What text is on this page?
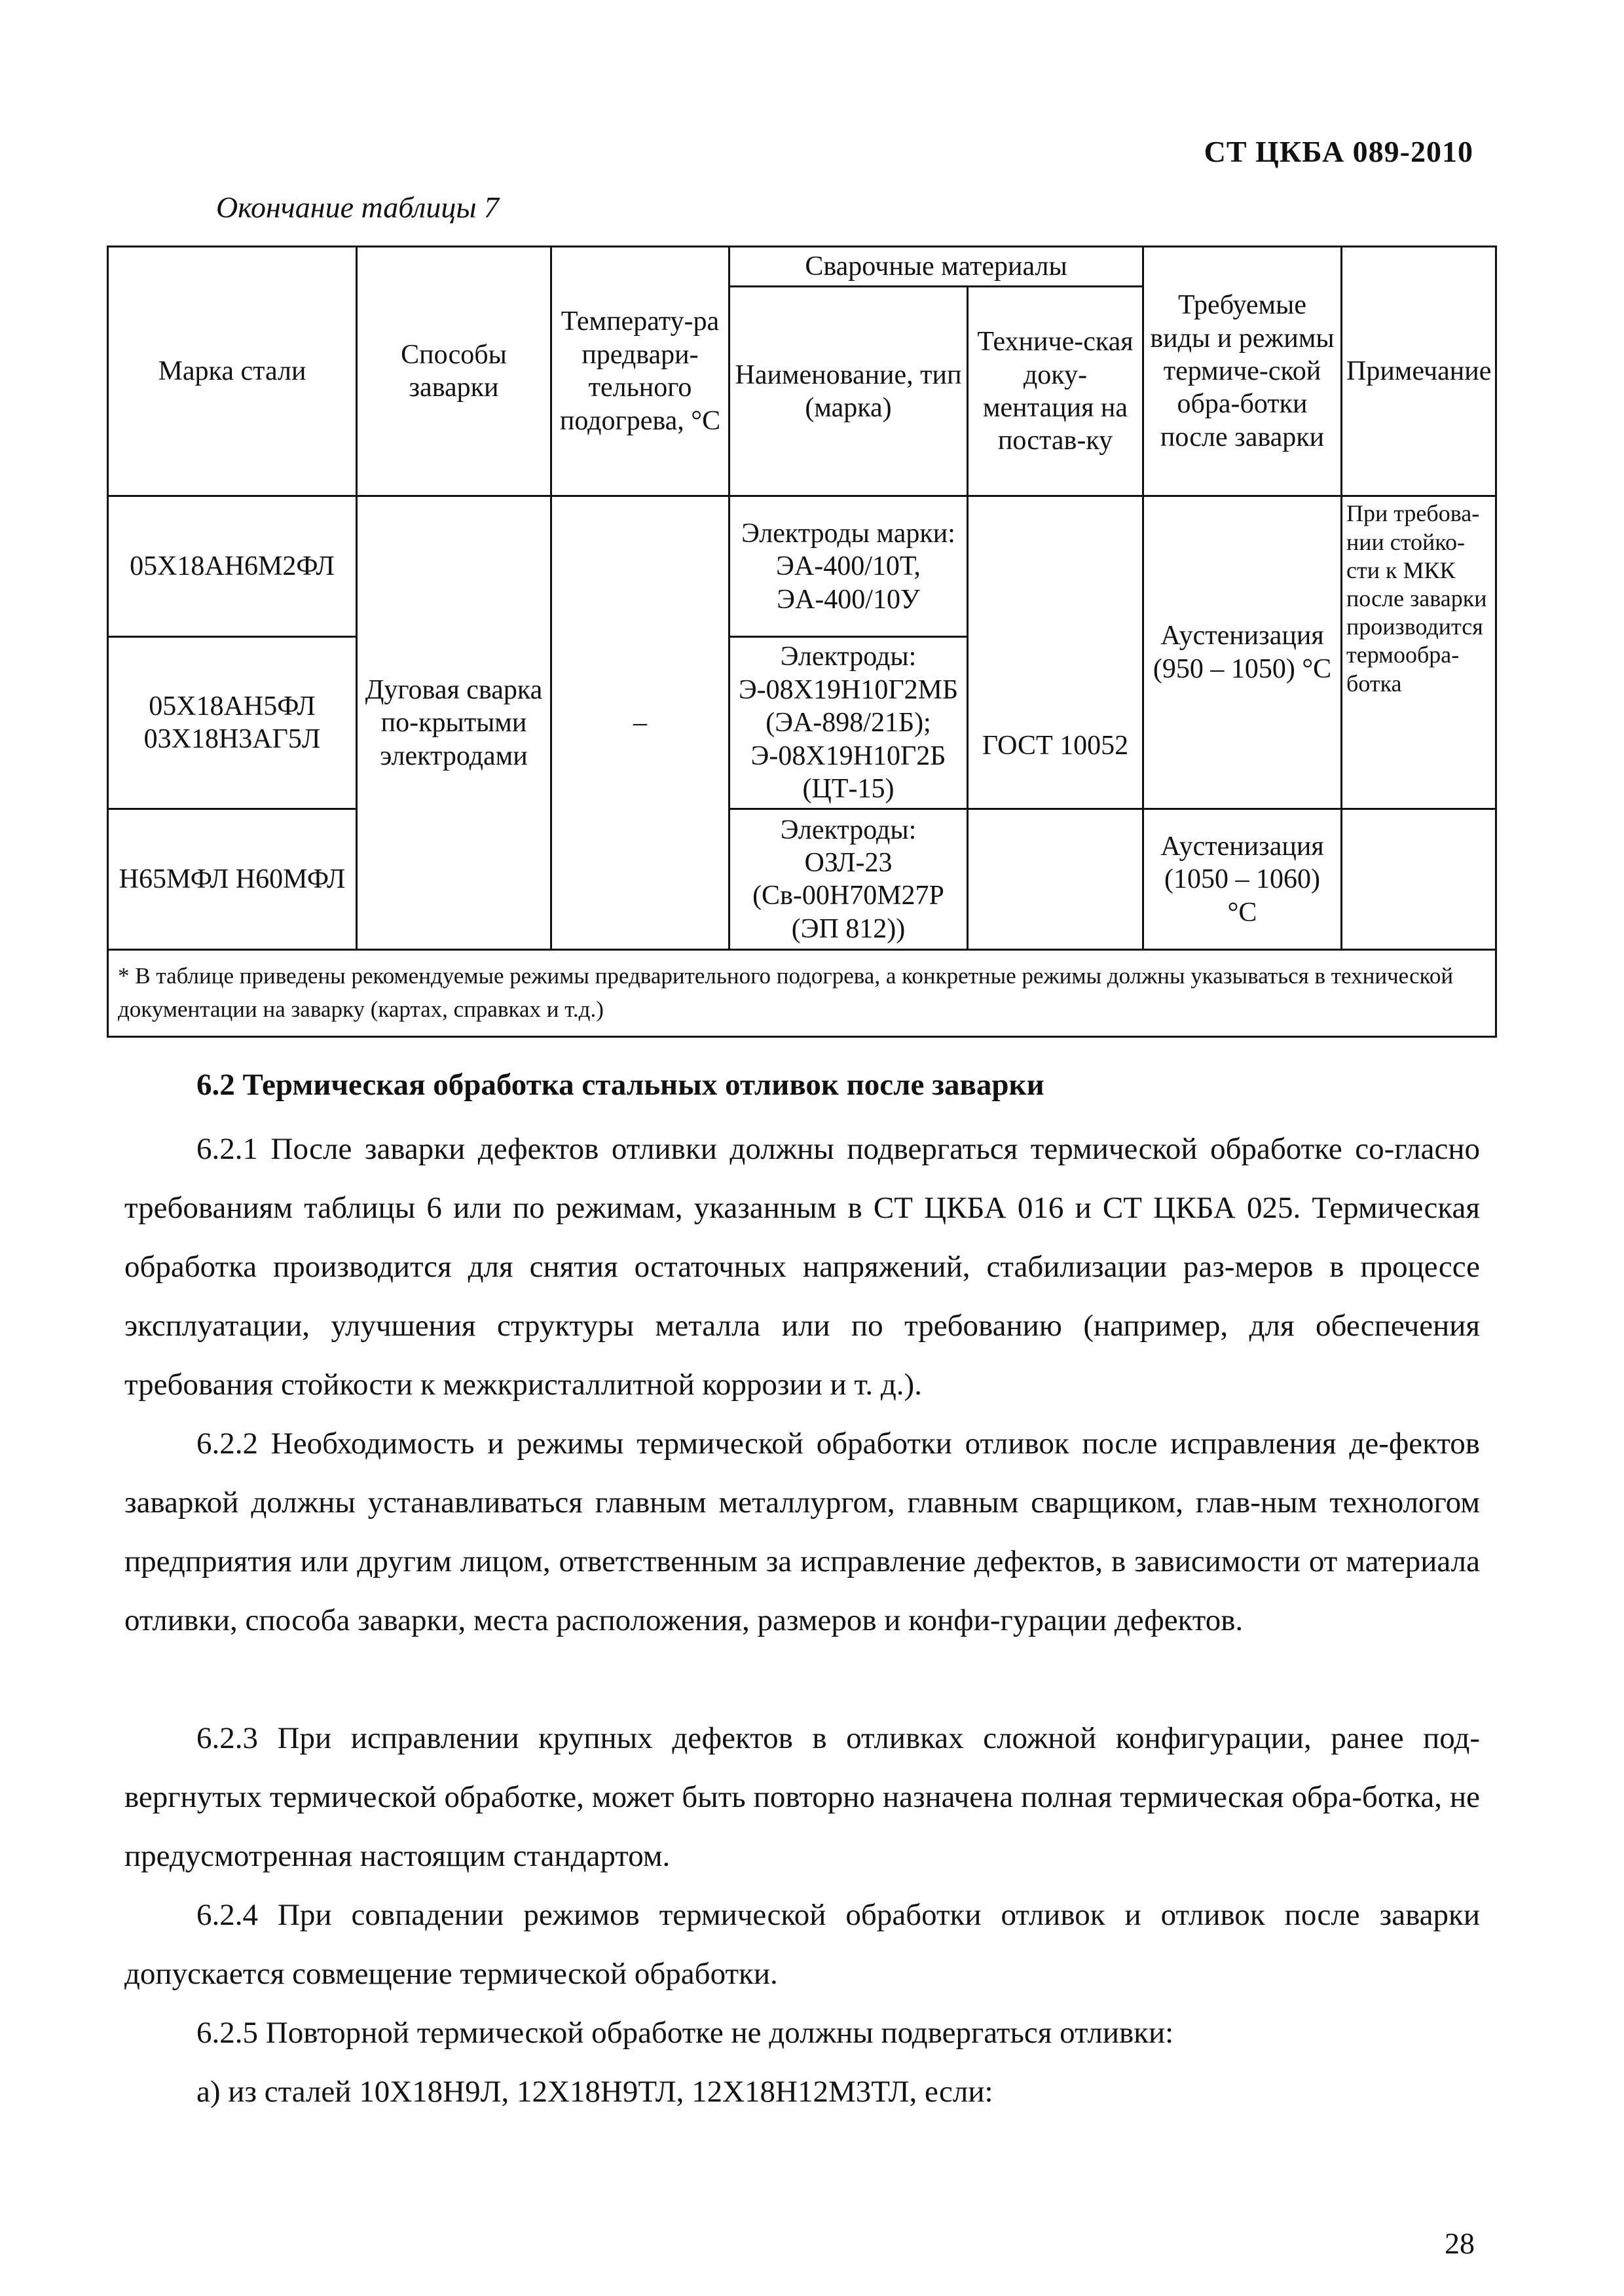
СТ ЦКБА 089-2010
Окончание таблицы 7
Марка стали	Способы заварки	Температу-ра предвари-тельного подогрева, °С	Сварочные материалы		Требуемые виды и режимы термиче-ской обра-ботки после заварки	Примечание
			Наименование, тип (марка)	Техниче-ская доку-ментация на постав-ку		
05Х18АН6М2ФЛ	Дуговая сварка по-крытыми электродами	–	Электроды марки: ЭА-400/10Т, ЭА-400/10У	ГОСТ 10052	Аустенизация (950 – 1050) °С	При требова-нии стойко-сти к МКК после заварки производится термообра-ботка
05Х18АН5ФЛ 03Х18Н3АГ5Л			Электроды: Э-08Х19Н10Г2МБ (ЭА-898/21Б); Э-08Х19Н10Г2Б (ЦТ-15)			
Н65МФЛ Н60МФЛ			Электроды: ОЗЛ-23 (Св-00Н70М27Р (ЭП 812))		Аустенизация (1050 – 1060) °С	
* В таблице приведены рекомендуемые режимы предварительного подогрева, а конкретные режимы должны указываться в технической документации на заварку (картах, справках и т.д.)						
6.2 Термическая обработка стальных отливок после заварки

6.2.1 После заварки дефектов отливки должны подвергаться термической обработке со-гласно требованиям таблицы 6 или по режимам, указанным в СТ ЦКБА 016 и СТ ЦКБА 025. Термическая обработка производится для снятия остаточных напряжений, стабилизации раз-меров в процессе эксплуатации, улучшения структуры металла или по требованию (например, для обеспечения требования стойкости к межкристаллитной коррозии и т. д.).

6.2.2 Необходимость и режимы термической обработки отливок после исправления де-фектов заваркой должны устанавливаться главным металлургом, главным сварщиком, глав-ным технологом предприятия или другим лицом, ответственным за исправление дефектов, в зависимости от материала отливки, способа заварки, места расположения, размеров и конфи-гурации дефектов.

6.2.3 При исправлении крупных дефектов в отливках сложной конфигурации, ранее под-вергнутых термической обработке, может быть повторно назначена полная термическая обра-ботка, не предусмотренная настоящим стандартом.

6.2.4 При совпадении режимов термической обработки отливок и отливок после заварки допускается совмещение термической обработки.

6.2.5 Повторной термической обработке не должны подвергаться отливки:

а) из сталей 10Х18Н9Л, 12Х18Н9ТЛ, 12Х18Н12М3ТЛ, если:

28
